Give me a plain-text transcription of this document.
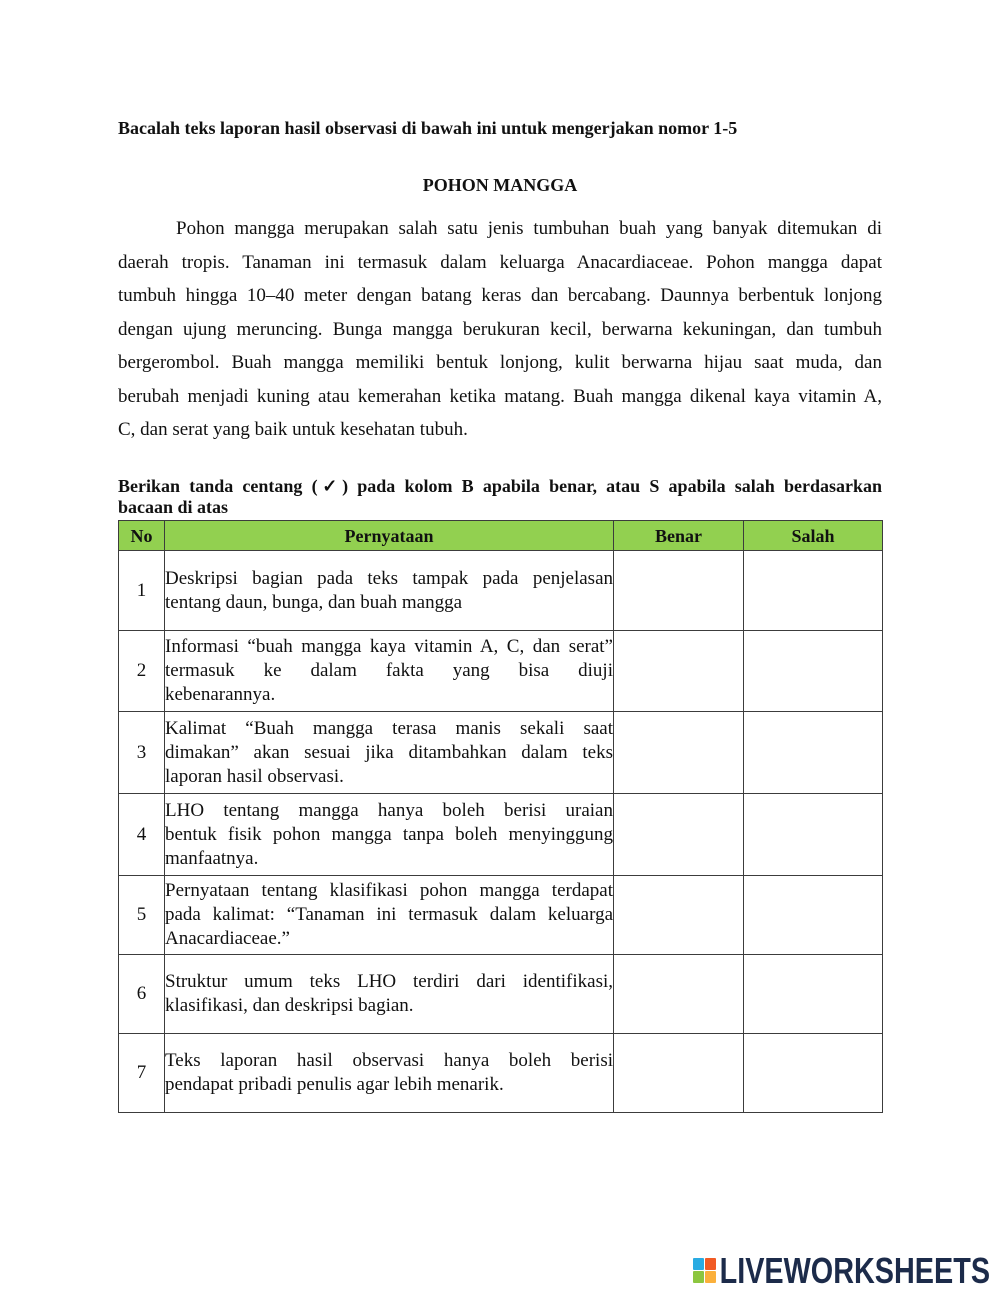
Bacalah teks laporan hasil observasi di bawah ini untuk mengerjakan nomor 1-5
POHON MANGGA
Pohon mangga merupakan salah satu jenis tumbuhan buah yang banyak ditemukan di
daerah tropis. Tanaman ini termasuk dalam keluarga Anacardiaceae. Pohon mangga dapat
tumbuh hingga 10–40 meter dengan batang keras dan bercabang. Daunnya berbentuk lonjong
dengan ujung meruncing. Bunga mangga berukuran kecil, berwarna kekuningan, dan tumbuh
bergerombol. Buah mangga memiliki bentuk lonjong, kulit berwarna hijau saat muda, dan
berubah menjadi kuning atau kemerahan ketika matang. Buah mangga dikenal kaya vitamin A,
C, dan serat yang baik untuk kesehatan tubuh.
Berikan tanda centang (✓) pada kolom B apabila benar, atau S apabila salah berdasarkan
bacaan di atas
No	Pernyataan	Benar	Salah
1	Deskripsi bagian pada teks tampak pada penjelasan
tentang daun, bunga, dan buah mangga		

2	Informasi “buah mangga kaya vitamin A, C, dan serat”
termasuk ke dalam fakta yang bisa diuji
kebenarannya.		

3	Kalimat “Buah mangga terasa manis sekali saat
dimakan” akan sesuai jika ditambahkan dalam teks
laporan hasil observasi.		

4	LHO tentang mangga hanya boleh berisi uraian
bentuk fisik pohon mangga tanpa boleh menyinggung
manfaatnya.		

5	Pernyataan tentang klasifikasi pohon mangga terdapat
pada kalimat: “Tanaman ini termasuk dalam keluarga
Anacardiaceae.”		

6	Struktur umum teks LHO terdiri dari identifikasi,
klasifikasi, dan deskripsi bagian.		

7	Teks laporan hasil observasi hanya boleh berisi
pendapat pribadi penulis agar lebih menarik.		

LIVEWORKSHEETS
